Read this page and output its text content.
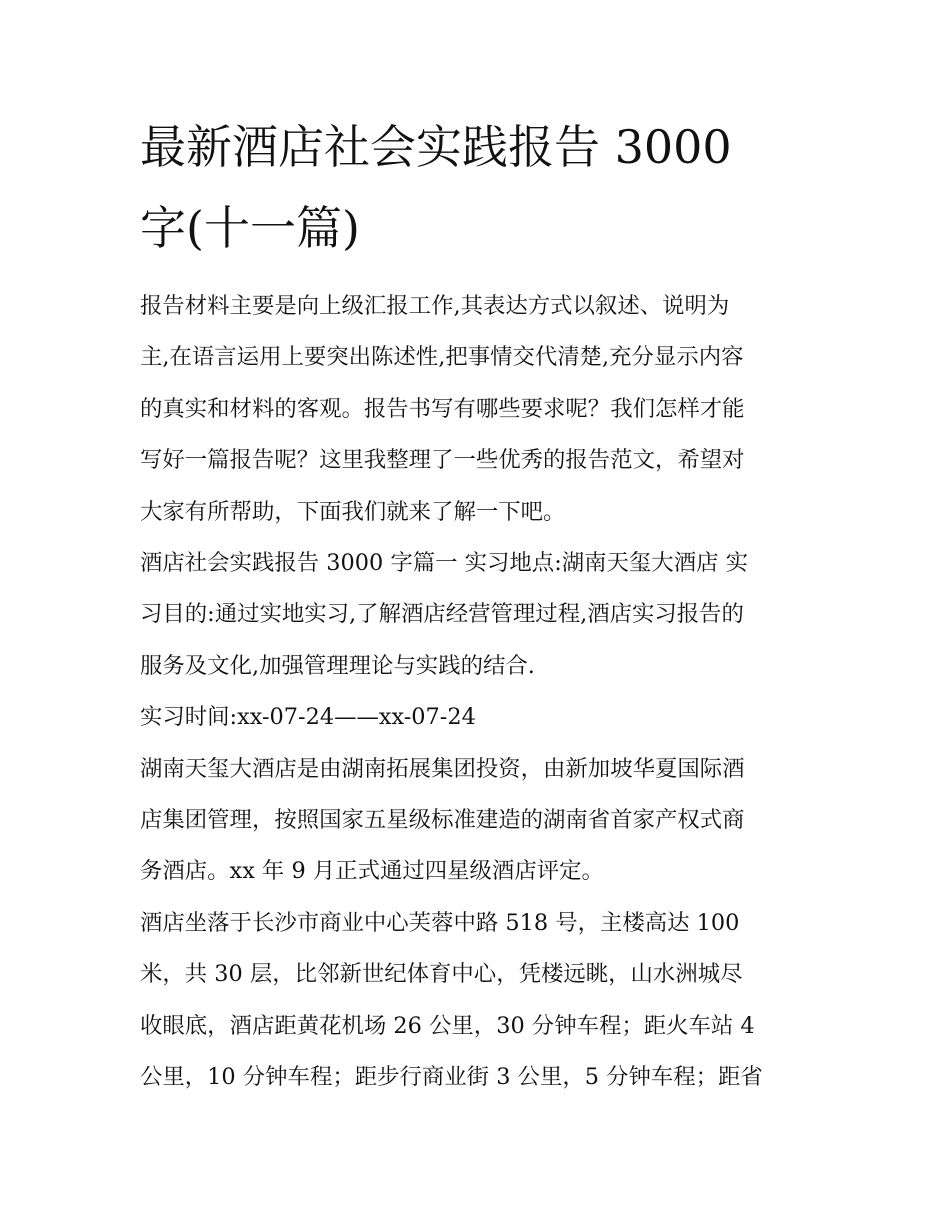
最新酒店社会实践报告 3000
字(十一篇)

报告材料主要是向上级汇报工作,其表达方式以叙述、说明为
主,在语言运用上要突出陈述性,把事情交代清楚,充分显示内容
的真实和材料的客观。报告书写有哪些要求呢？我们怎样才能
写好一篇报告呢？这里我整理了一些优秀的报告范文，希望对
大家有所帮助，下面我们就来了解一下吧。

酒店社会实践报告 3000 字篇一 实习地点:湖南天玺大酒店 实
习目的:通过实地实习,了解酒店经营管理过程,酒店实习报告的
服务及文化,加强管理理论与实践的结合.

实习时间:xx-07-24——xx-07-24

湖南天玺大酒店是由湖南拓展集团投资，由新加坡华夏国际酒
店集团管理，按照国家五星级标准建造的湖南省首家产权式商
务酒店。xx 年 9 月正式通过四星级酒店评定。

酒店坐落于长沙市商业中心芙蓉中路 518 号，主楼高达 100
米，共 30 层，比邻新世纪体育中心，凭楼远眺，山水洲城尽
收眼底，酒店距黄花机场 26 公里，30 分钟车程；距火车站 4
公里，10 分钟车程；距步行商业街 3 公里，5 分钟车程；距省
